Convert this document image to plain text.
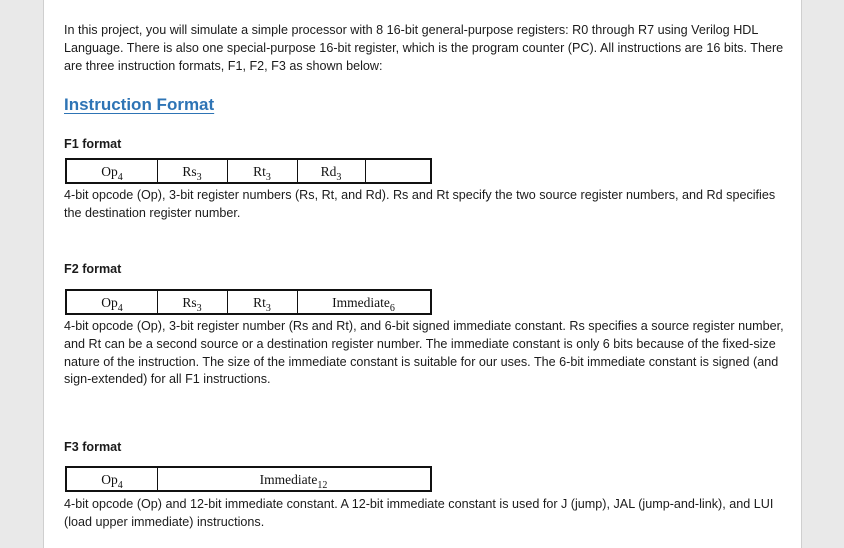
In this project, you will simulate a simple processor with 8 16-bit general-purpose registers: R0 through R7 using Verilog HDL Language. There is also one special-purpose 16-bit register, which is the program counter (PC). All instructions are 16 bits. There are three instruction formats, F1, F2, F3 as shown below:
Instruction Format
F1 format
Op$^4$	Rs$^3$	Rt$^3$	Rd$^3$
4-bit opcode (Op), 3-bit register numbers (Rs, Rt, and Rd). Rs and Rt specify the two source register numbers, and Rd specifies the destination register number.
F2 format
Op$^4$	Rs$^3$	Rt$^3$	Immediate$^6$
4-bit opcode (Op), 3-bit register number (Rs and Rt), and 6-bit signed immediate constant. Rs specifies a source register number, and Rt can be a second source or a destination register number. The immediate constant is only 6 bits because of the fixed-size nature of the instruction. The size of the immediate constant is suitable for our uses. The 6-bit immediate constant is signed (and sign-extended) for all F1 instructions.
F3 format
Op$^4$	Immediate$^{12}$
4-bit opcode (Op) and 12-bit immediate constant. A 12-bit immediate constant is used for J (jump), JAL (jump-and-link), and LUI (load upper immediate) instructions.
